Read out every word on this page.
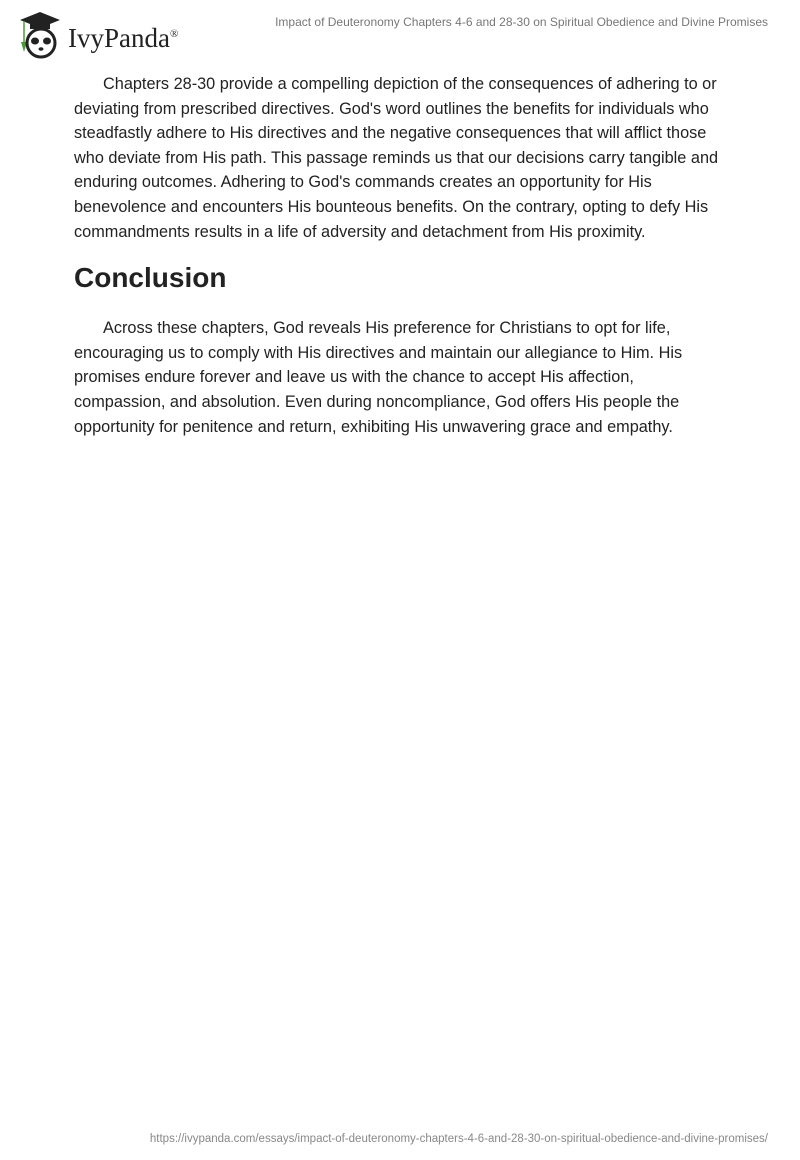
IvyPanda®
Impact of Deuteronomy Chapters 4-6 and 28-30 on Spiritual Obedience and Divine Promises

Chapters 28-30 provide a compelling depiction of the consequences of adhering to or deviating from prescribed directives. God's word outlines the benefits for individuals who steadfastly adhere to His directives and the negative consequences that will afflict those who deviate from His path. This passage reminds us that our decisions carry tangible and enduring outcomes. Adhering to God's commands creates an opportunity for His benevolence and encounters His bounteous benefits. On the contrary, opting to defy His commandments results in a life of adversity and detachment from His proximity.

Conclusion

Across these chapters, God reveals His preference for Christians to opt for life, encouraging us to comply with His directives and maintain our allegiance to Him. His promises endure forever and leave us with the chance to accept His affection, compassion, and absolution. Even during noncompliance, God offers His people the opportunity for penitence and return, exhibiting His unwavering grace and empathy.

https://ivypanda.com/essays/impact-of-deuteronomy-chapters-4-6-and-28-30-on-spiritual-obedience-and-divine-promises/
